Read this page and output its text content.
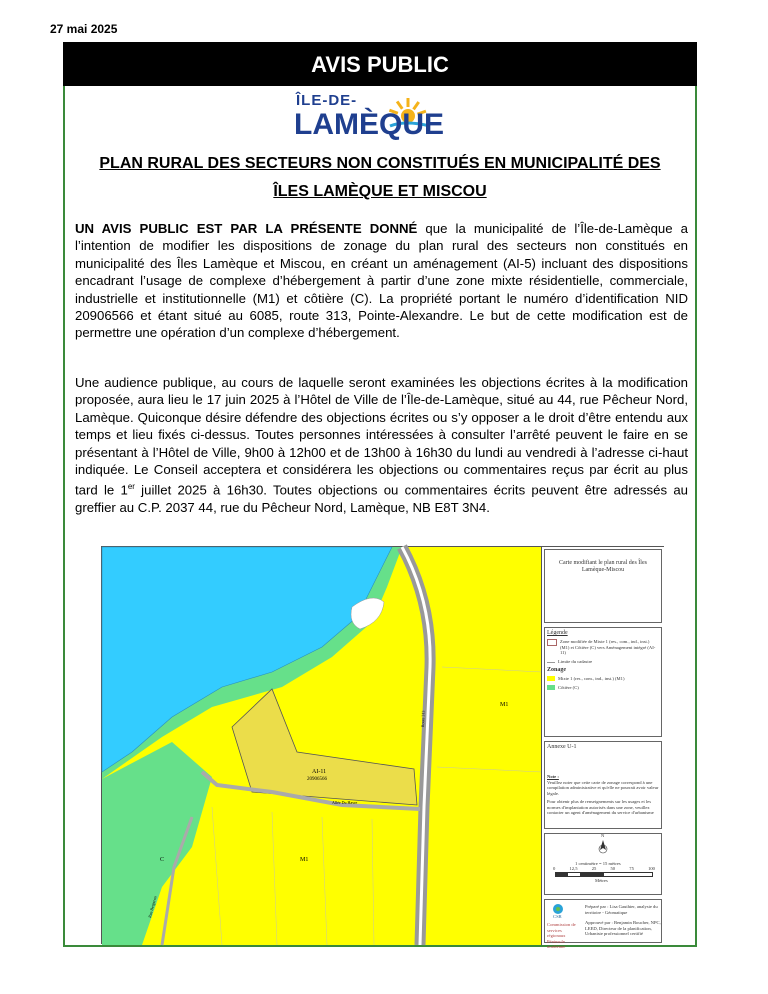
27 mai 2025
AVIS PUBLIC
ÎLE-DE-
LAMÈQUE
PLAN RURAL DES SECTEURS NON CONSTITUÉS EN MUNICIPALITÉ DES ÎLES LAMÈQUE ET MISCOU
UN AVIS PUBLIC EST PAR LA PRÉSENTE DONNÉ que la municipalité de l’Île-de-Lamèque a l’intention de modifier les dispositions de zonage du plan rural des secteurs non constitués en municipalité des Îles Lamèque et Miscou, en créant un aménagement (AI-5) incluant des dispositions encadrant l’usage de complexe d’hébergement à partir d’une zone mixte résidentielle, commerciale, industrielle et institutionnelle (M1) et côtière (C). La propriété portant le numéro d’identification NID 20906566 et étant situé au 6085, route 313, Pointe-Alexandre. Le but de cette modification est de permettre une opération d’un complexe d’hébergement.
Une audience publique, au cours de laquelle seront examinées les objections écrites à la modification proposée, aura lieu le 17 juin 2025 à l’Hôtel de Ville de l’Île-de-Lamèque, situé au 44, rue Pêcheur Nord, Lamèque. Quiconque désire défendre des objections écrites ou s’y opposer a le droit d’être entendu aux temps et lieu fixés ci-dessus. Toutes personnes intéressées à consulter l’arrêté peuvent le faire en se présentant à l’Hôtel de Ville, 9h00 à 12h00 et de 13h00 à 16h30 du lundi au vendredi à l’adresse ci-haut indiquée. Le Conseil acceptera et considérera les objections ou commentaires reçus par écrit au plus tard le 1er juillet 2025 à 16h30. Toutes objections ou commentaires écrits peuvent être adressés au greffier au C.P. 2037 44, rue du Pêcheur Nord, Lamèque, NB E8T 3N4.
M1
AI-11
20906566
M1
C
Route 313
Allée Du Havre
Rue Bergeron
Carte modifiant le plan rural des Îles Lamèque-Miscou
Légende
Zone modifiée de Mixte 1 (res., com., ind., inst.) (M1) et Côtière (C) vers Aménagement intégré (AI-11)
Limite du cadastre
Zonage
Mixte 1 (res., com., ind., inst.) (M1)
Côtière (C)
Annexe U-1
Note :
Veuillez noter que cette carte de zonage correspond à une compilation administrative et qu'elle ne pourrait avoir valeur légale.
Pour obtenir plus de renseignements sur les usages et les normes d'implantation autorisés dans une zone, veuillez contacter un agent d'aménagement du service d'urbanisme
N
1 centimètre = 15 mètres
0	12,5	25	50	75	100
Mètres
CSR
Commission de services régionaux Péninsule acadienne
Préparé par : Lisa Gauthier, analyste du territoire - Géomatique
Approuvé par : Benjamin Boucher, NPC, LEED, Directeur de la planification, Urbaniste professionnel certifié
